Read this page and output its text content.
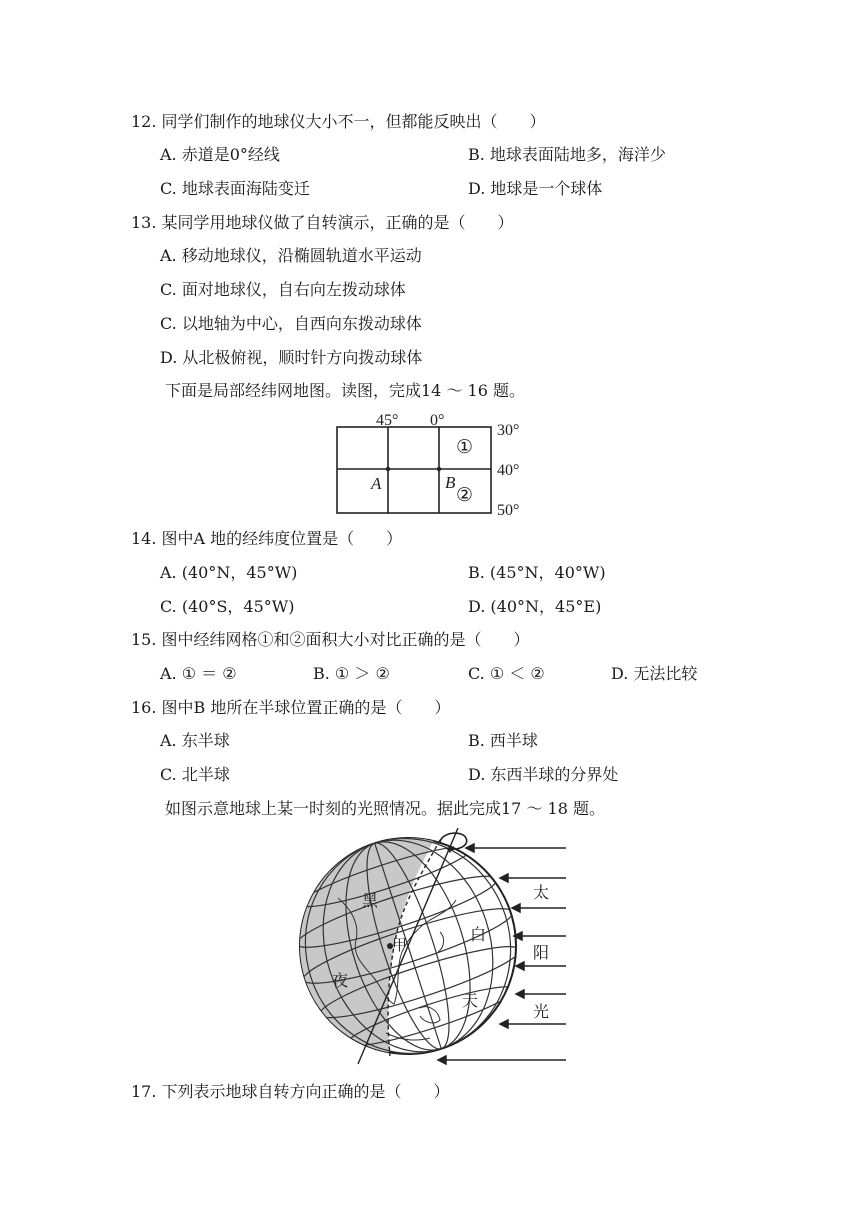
12. 同学们制作的地球仪大小不一，但都能反映出（　　）
A. 赤道是0°经线	B. 地球表面陆地多，海洋少
C. 地球表面海陆变迁	D. 地球是一个球体
13. 某同学用地球仪做了自转演示，正确的是（　　）
A. 移动地球仪，沿椭圆轨道水平运动
C. 面对地球仪，自右向左拨动球体
C. 以地轴为中心，自西向东拨动球体
D. 从北极俯视，顺时针方向拨动球体
下面是局部经纬网地图。读图，完成14 ～ 16 题。
45° 0°
30°
40°
50°
①
②
A	B
14. 图中A 地的经纬度位置是（　　）
A. (40°N，45°W)	B. (45°N，40°W)
C. (40°S，45°W)	D. (40°N，45°E)
15. 图中经纬网格①和②面积大小对比正确的是（　　）
A. ① ＝ ②	B. ① ＞ ②	C. ① ＜ ②	D. 无法比较
16. 图中B 地所在半球位置正确的是（　　）
A. 东半球	B. 西半球
C. 北半球	D. 东西半球的分界处
如图示意地球上某一时刻的光照情况。据此完成17 ～ 18 题。
甲
黑
夜
白
天
太
阳
光
17. 下列表示地球自转方向正确的是（　　）
